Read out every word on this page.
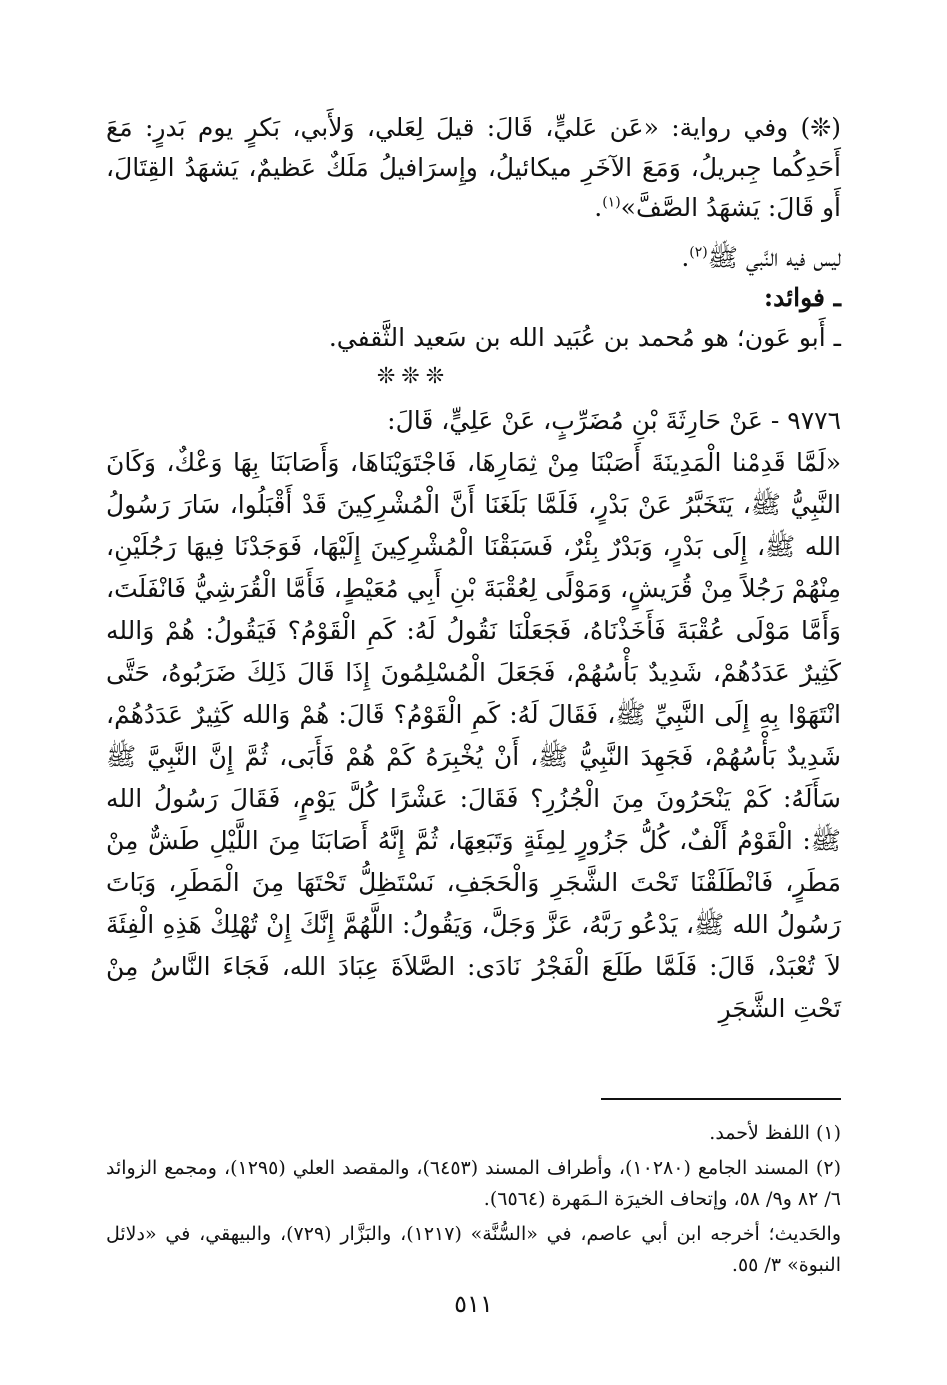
(❊) وفي رواية: «عَن عَليٍّ، قَالَ: قيلَ لِعَلي، وَلأَبي، بَكرٍ يوم بَدرٍ: مَعَ أَحَدِكُما جِبريلُ، وَمَعَ الآخَرِ ميكائيلُ، وإِسرَافيلُ مَلَكٌ عَظيمٌ، يَشهَدُ القِتَالَ، أَو قَالَ: يَشهَدُ الصَّفَّ»$^{(١)}$.

ليس فيه النَّبي ﷺ$^{(٢)}$.

ـ فوائد:

ـ أَبو عَون؛ هو مُحمد بن عُبَيد الله بن سَعيد الثَّقفي.

❊❊❊

٩٧٧٦ - عَنْ حَارِثَةَ بْنِ مُضَرِّبٍ، عَنْ عَلِيٍّ، قَالَ:
«لَمَّا قَدِمْنا الْمَدِينَةَ أَصَبْنَا مِنْ ثِمَارِهَا، فَاجْتَوَيْنَاهَا، وَأَصَابَنَا بِهَا وَعْكٌ، وَكَانَ النَّبِيُّ ﷺ، يَتَخَبَّرُ عَنْ بَدْرٍ، فَلَمَّا بَلَغَنَا أَنَّ الْمُشْرِكِينَ قَدْ أَقْبَلُوا، سَارَ رَسُولُ الله ﷺ، إِلَى بَدْرٍ، وَبَدْرٌ بِئْرٌ، فَسَبَقْنَا الْمُشْرِكِينَ إِلَيْهَا، فَوَجَدْنَا فِيهَا رَجُلَيْنِ، مِنْهُمْ رَجُلاً مِنْ قُرَيشٍ، وَمَوْلًى لِعُقْبَةَ بْنِ أَبِي مُعَيْطٍ، فَأَمَّا الْقُرَشِيُّ فَانْفَلَتَ، وَأَمَّا مَوْلَى عُقْبَةَ فَأَخَذْنَاهُ، فَجَعَلْنَا نَقُولُ لَهُ: كَمِ الْقَوْمُ؟ فَيَقُولُ: هُمْ وَالله كَثِيرٌ عَدَدُهُمْ، شَدِيدٌ بَأْسُهُمْ، فَجَعَلَ الْمُسْلِمُونَ إِذَا قَالَ ذَلِكَ ضَرَبُوهُ، حَتَّى انْتَهَوْا بِهِ إِلَى النَّبِيِّ ﷺ، فَقَالَ لَهُ: كَمِ الْقَوْمُ؟ قَالَ: هُمْ وَالله كَثِيرٌ عَدَدُهُمْ، شَدِيدٌ بَأْسُهُمْ، فَجَهِدَ النَّبِيُّ ﷺ، أَنْ يُخْبِرَهُ كَمْ هُمْ فَأَبَى، ثُمَّ إِنَّ النَّبِيَّ ﷺ سَأَلَهُ: كَمْ يَنْحَرُونَ مِنَ الْجُزُرِ؟ فَقَالَ: عَشْرًا كُلَّ يَوْمٍ، فَقَالَ رَسُولُ الله ﷺ: الْقَوْمُ أَلْفٌ، كُلُّ جَزُورٍ لِمِئَةٍ وَتَبَعِهَا، ثُمَّ إِنَّهُ أَصَابَنَا مِنَ اللَّيْلِ طَشٌّ مِنْ مَطَرٍ، فَانْطَلَقْنَا تَحْتَ الشَّجَرِ وَالْحَجَفِ، نَسْتَظِلُّ تَحْتَهَا مِنَ الْمَطَرِ، وَبَاتَ رَسُولُ الله ﷺ، يَدْعُو رَبَّهُ، عَزَّ وَجَلَّ، وَيَقُولُ: اللَّهُمَّ إِنَّكَ إِنْ تُهْلِكْ هَذِهِ الْفِئَةَ لاَ تُعْبَدْ، قَالَ: فَلَمَّا طَلَعَ الْفَجْرُ نَادَى: الصَّلاَةَ عِبَادَ الله، فَجَاءَ النَّاسُ مِنْ تَحْتِ الشَّجَرِ

(١) اللفظ لأحمد.

(٢) المسند الجامع (١٠٢٨٠)، وأطراف المسند (٦٤٥٣)، والمقصد العلي (١٢٩٥)، ومجمع الزوائد ٦/ ٨٢ و٩/ ٥٨، وإتحاف الخيرَة الـمَهرة (٦٥٦٤).

والحَديث؛ أخرجه ابن أبي عاصم، في «السُّنَّة» (١٢١٧)، والبَزَّار (٧٢٩)، والبيهقي، في «دلائل النبوة» ٣/ ٥٥.

٥١١
